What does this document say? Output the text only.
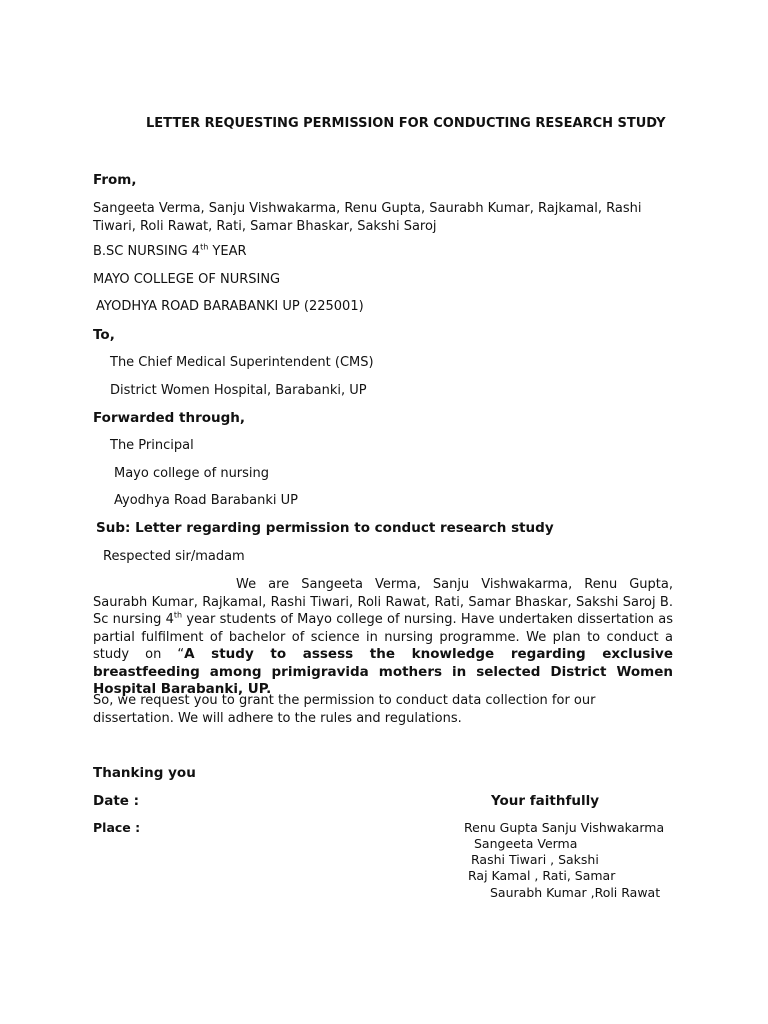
LETTER REQUESTING PERMISSION FOR CONDUCTING RESEARCH STUDY
From,
Sangeeta Verma, Sanju Vishwakarma, Renu Gupta, Saurabh Kumar, Rajkamal, Rashi Tiwari, Roli Rawat, Rati, Samar Bhaskar, Sakshi Saroj
B.SC NURSING 4th YEAR
MAYO COLLEGE OF NURSING
AYODHYA ROAD BARABANKI UP (225001)
To,
The Chief Medical Superintendent (CMS)
District Women Hospital, Barabanki, UP
Forwarded through,
The Principal
Mayo college of nursing
Ayodhya Road Barabanki UP
Sub: Letter regarding permission to conduct research study
Respected sir/madam
We are Sangeeta Verma, Sanju Vishwakarma, Renu Gupta, Saurabh Kumar, Rajkamal, Rashi Tiwari, Roli Rawat, Rati, Samar Bhaskar, Sakshi Saroj B. Sc nursing 4th year students of Mayo college of nursing. Have undertaken dissertation as partial fulfilment of bachelor of science in nursing programme. We plan to conduct a study on “A study to assess the knowledge regarding exclusive breastfeeding among primigravida mothers in selected District Women Hospital Barabanki, UP.
So, we request you to grant the permission to conduct data collection for our dissertation. We will adhere to the rules and regulations.
Thanking you
Date :	Your faithfully
Place :	Renu Gupta Sanju Vishwakarma
Sangeeta Verma
Rashi Tiwari , Sakshi
Raj Kamal , Rati, Samar
Saurabh Kumar ,Roli Rawat
